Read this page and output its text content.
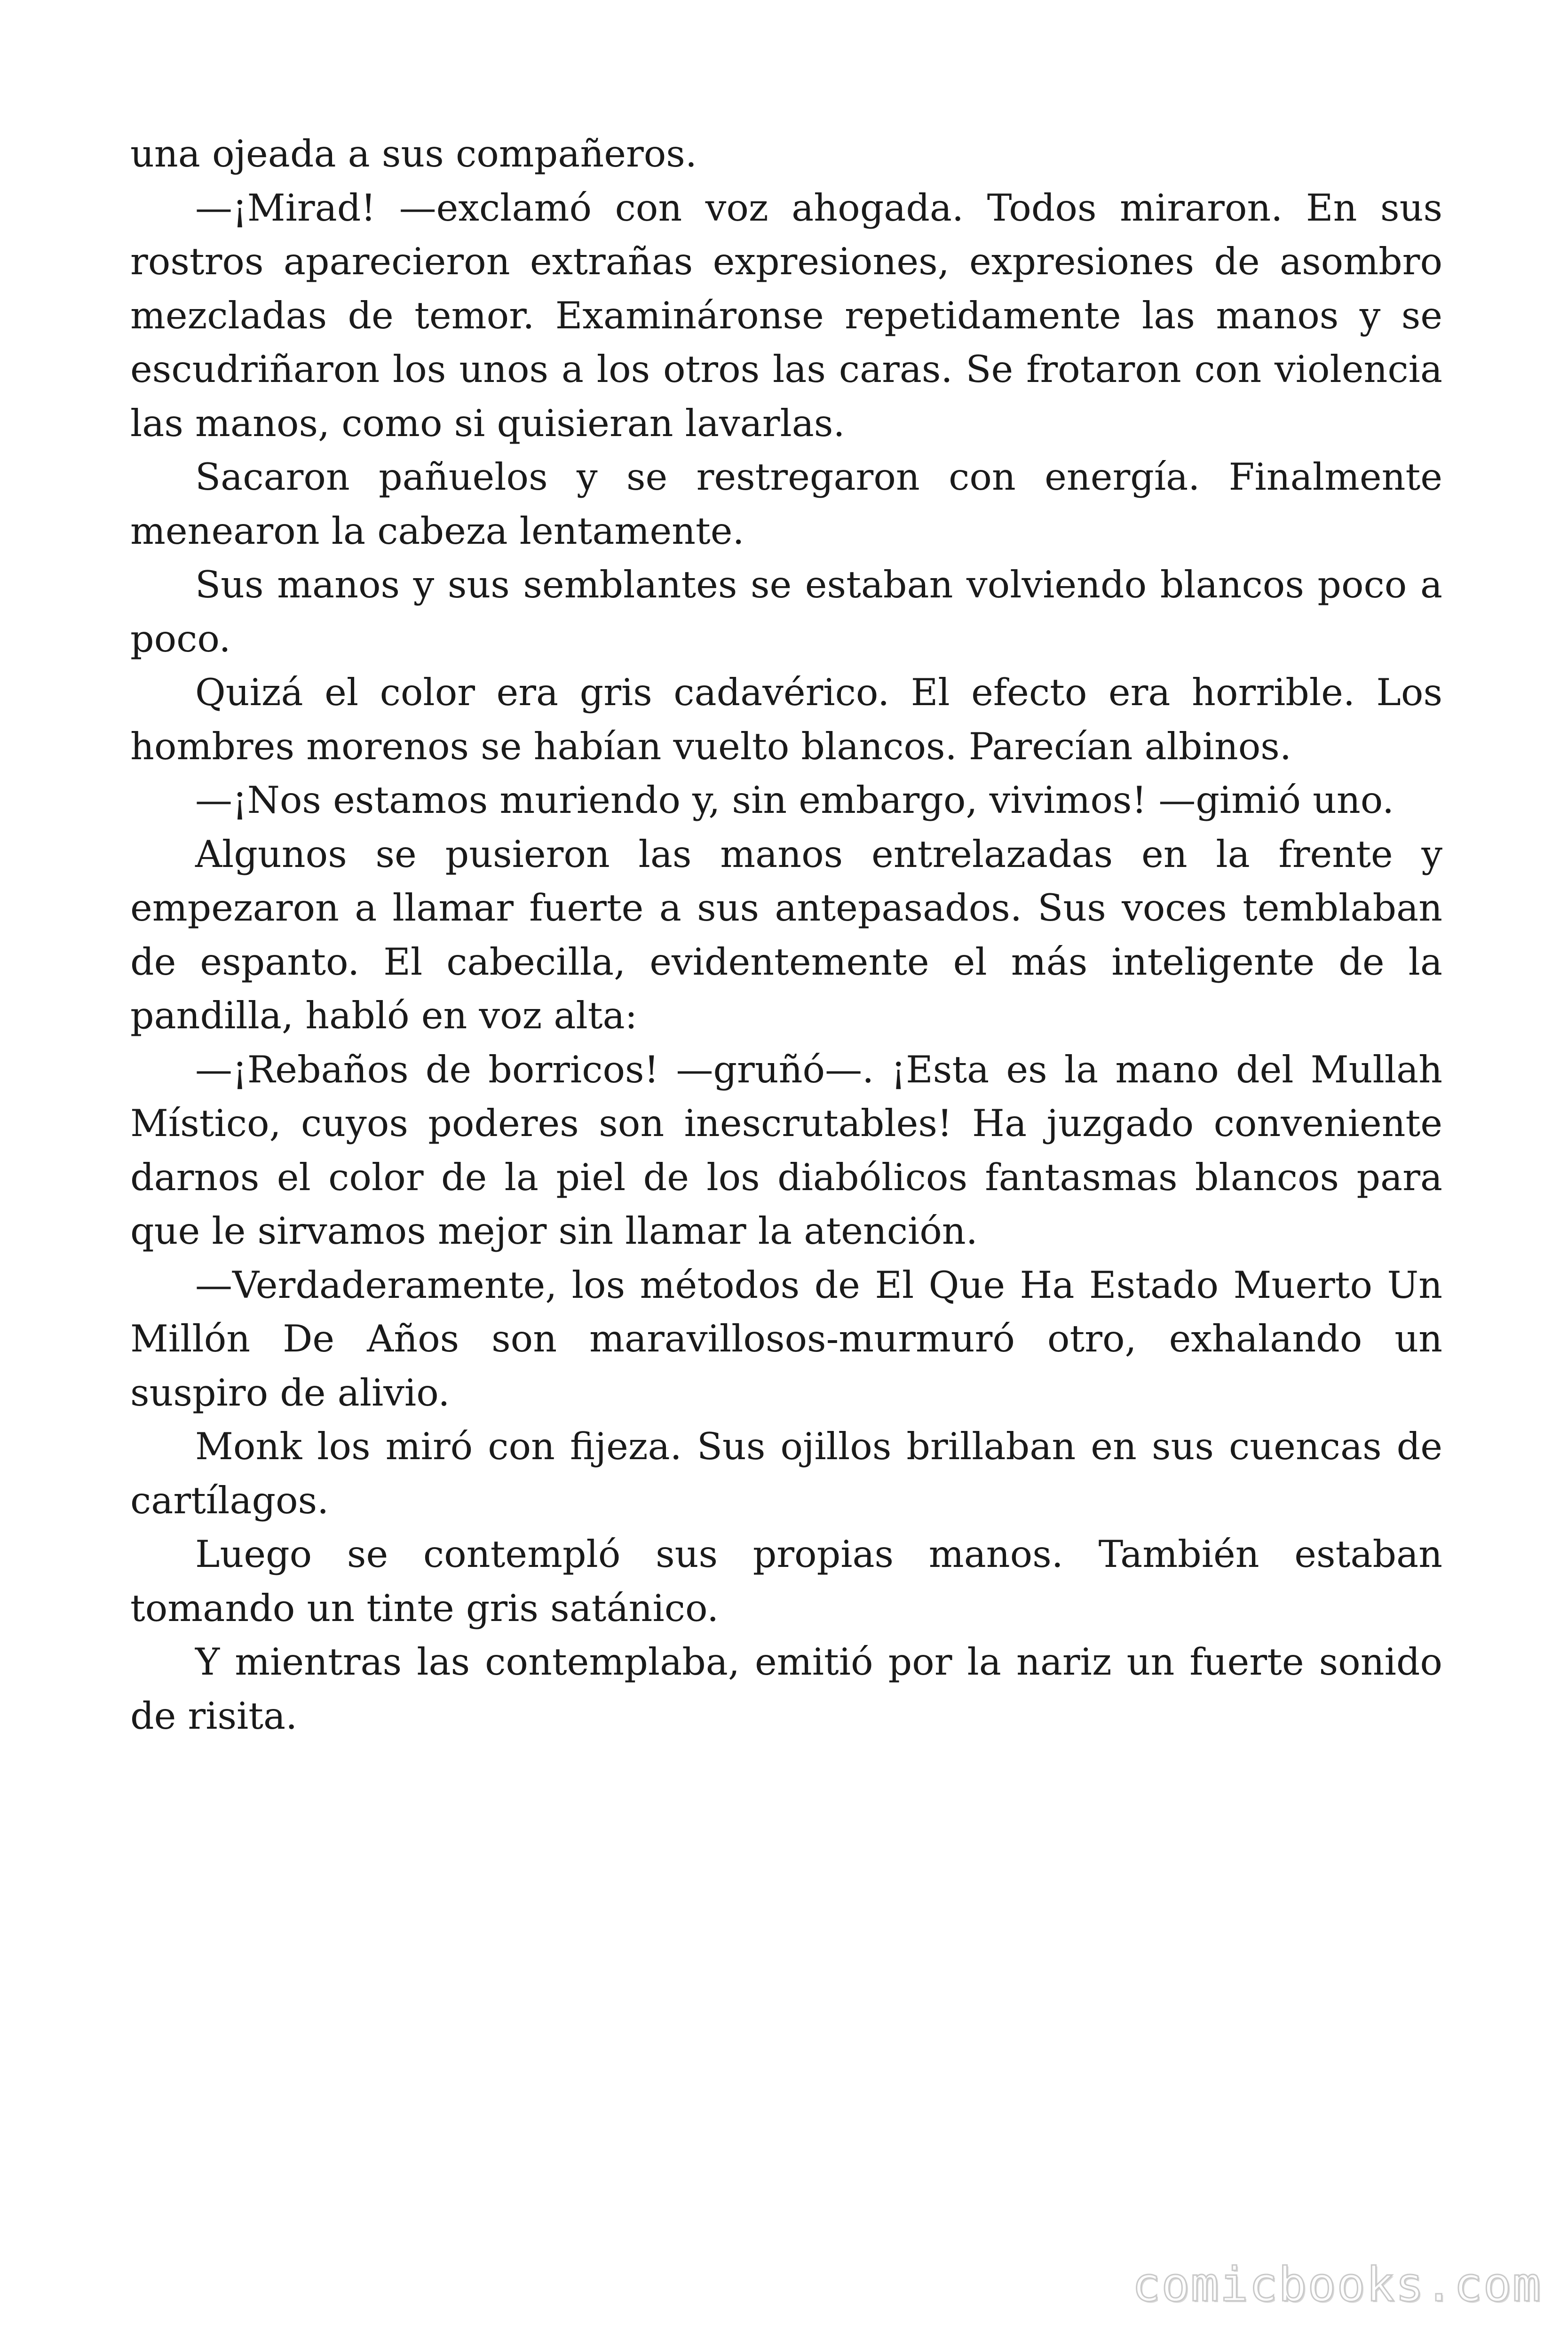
una ojeada a sus compañeros.

—¡Mirad! —exclamó con voz ahogada. Todos miraron. En sus rostros aparecieron extrañas expresiones, expresiones de asombro mezcladas de temor. Examináronse repetidamente las manos y se escudriñaron los unos a los otros las caras. Se frotaron con violencia las manos, como si quisieran lavarlas.

Sacaron pañuelos y se restregaron con energía. Finalmente menearon la cabeza lentamente.

Sus manos y sus semblantes se estaban volviendo blancos poco a poco.

Quizá el color era gris cadavérico. El efecto era horrible. Los hombres morenos se habían vuelto blancos. Parecían albinos.

—¡Nos estamos muriendo y, sin embargo, vivimos! —gimió uno.

Algunos se pusieron las manos entrelazadas en la frente y empezaron a llamar fuerte a sus antepasados. Sus voces temblaban de espanto. El cabecilla, evidentemente el más inteligente de la pandilla, habló en voz alta:

—¡Rebaños de borricos! —gruñó—. ¡Esta es la mano del Mullah Místico, cuyos poderes son inescrutables! Ha juzgado conveniente darnos el color de la piel de los diabólicos fantasmas blancos para que le sirvamos mejor sin llamar la atención.

—Verdaderamente, los métodos de El Que Ha Estado Muerto Un Millón De Años son maravillosos-murmuró otro, exhalando un suspiro de alivio.

Monk los miró con fijeza. Sus ojillos brillaban en sus cuencas de cartílagos.

Luego se contempló sus propias manos. También estaban tomando un tinte gris satánico.

Y mientras las contemplaba, emitió por la nariz un fuerte sonido de risita.

comicbooks.com
